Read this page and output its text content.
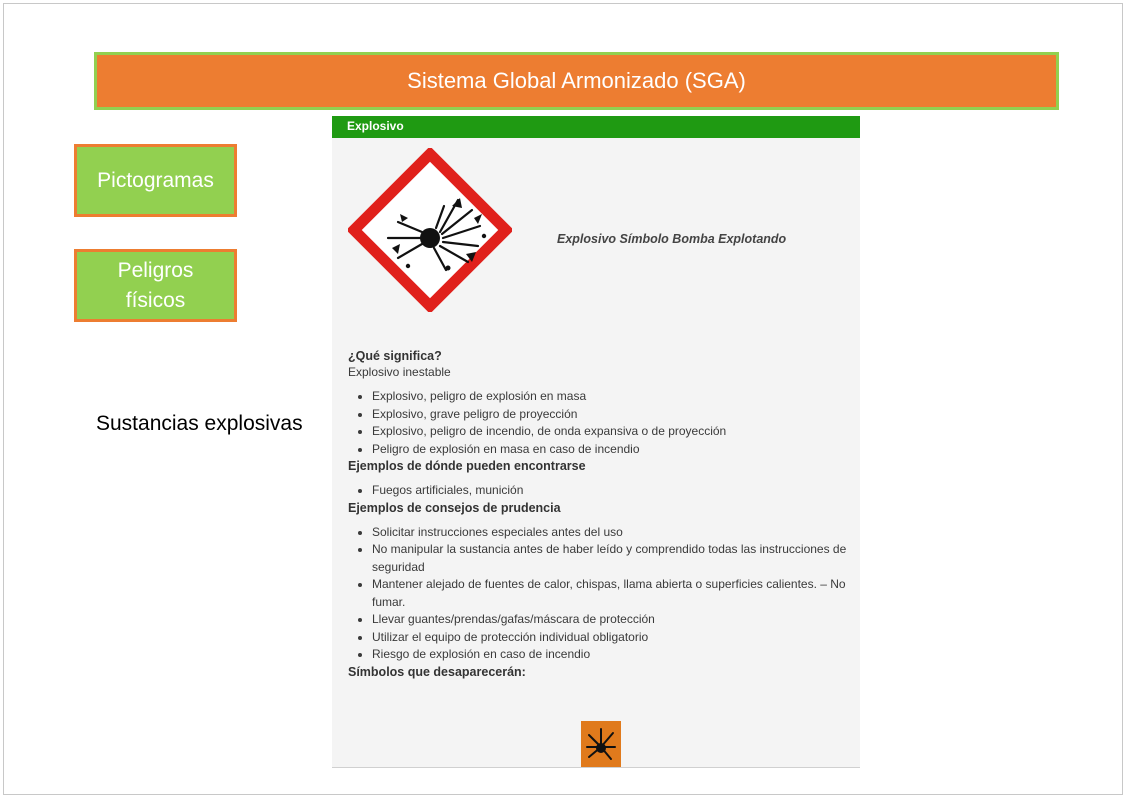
Sistema Global Armonizado (SGA)
Pictogramas
Peligros
físicos
Sustancias explosivas
Explosivo
Explosivo Símbolo Bomba Explotando

¿Qué significa?

Explosivo inestable

• Explosivo, peligro de explosión en masa
• Explosivo, grave peligro de proyección
• Explosivo, peligro de incendio, de onda expansiva o de proyección
• Peligro de explosión en masa en caso de incendio

Ejemplos de dónde pueden encontrarse

• Fuegos artificiales, munición

Ejemplos de consejos de prudencia

• Solicitar instrucciones especiales antes del uso
• No manipular la sustancia antes de haber leído y comprendido todas las instrucciones de seguridad
• Mantener alejado de fuentes de calor, chispas, llama abierta o superficies calientes. – No fumar.
• Llevar guantes/prendas/gafas/máscara de protección
• Utilizar el equipo de protección individual obligatorio
• Riesgo de explosión en caso de incendio

Símbolos que desaparecerán:
